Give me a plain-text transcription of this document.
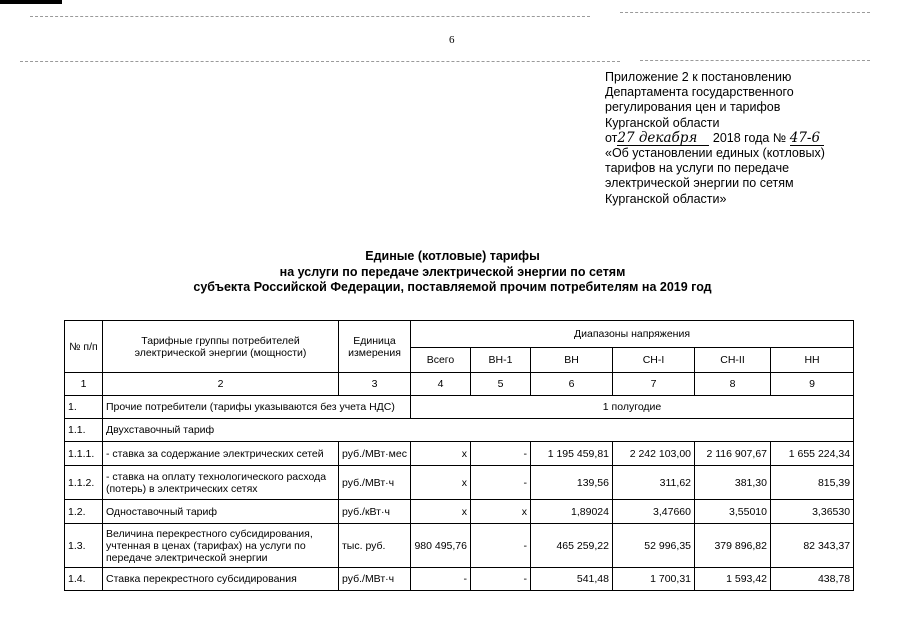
6
Приложение 2 к постановлению
Департамента государственного
регулирования цен и тарифов
Курганской области
от27 декабря 2018 года № 47-6
«Об установлении единых (котловых)
тарифов на услуги по передаче
электрической энергии по сетям
Курганской области»
Единые (котловые) тарифы
на услуги по передаче электрической энергии по сетям
субъекта Российской Федерации, поставляемой прочим потребителям на 2019 год
№ п/п	Тарифные группы потребителей электрической энергии (мощности)	Единица измерения	Диапазоны напряжения					
			Всего	ВН-1	ВН	СН-I	СН-II	НН
1	2	3	4	5	6	7	8	9
1.	Прочие потребители (тарифы указываются без учета НДС)		1 полугодие					
1.1.	Двухставочный тариф							
1.1.1.	- ставка за содержание электрических сетей	руб./МВт·мес	х	-	1 195 459,81	2 242 103,00	2 116 907,67	1 655 224,34
1.1.2.	- ставка на оплату технологического расхода (потерь) в электрических сетях	руб./МВт·ч	х	-	139,56	311,62	381,30	815,39
1.2.	Одноставочный тариф	руб./кВт·ч	х	х	1,89024	3,47660	3,55010	3,36530
1.3.	Величина перекрестного субсидирования, учтенная в ценах (тарифах) на услуги по передаче электрической энергии	тыс. руб.	980 495,76	-	465 259,22	52 996,35	379 896,82	82 343,37
1.4.	Ставка перекрестного субсидирования	руб./МВт·ч	-	-	541,48	1 700,31	1 593,42	438,78
